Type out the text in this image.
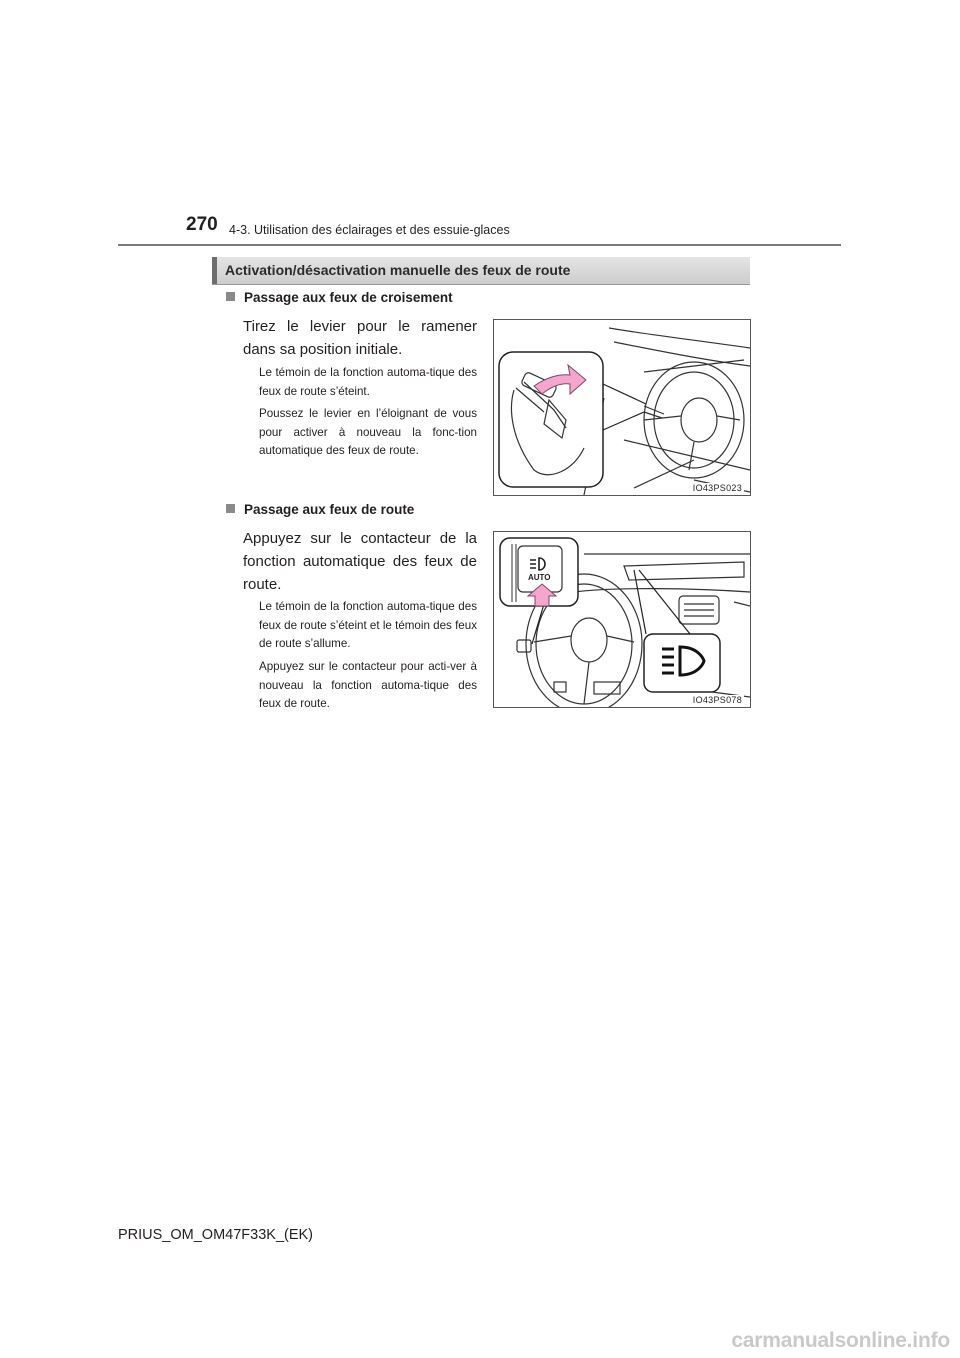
270 4-3. Utilisation des éclairages et des essuie-glaces
Activation/désactivation manuelle des feux de route
Passage aux feux de croisement
Tirez le levier pour le ramener dans sa position initiale.

Le témoin de la fonction automa-tique des feux de route s’éteint.

Poussez le levier en l’éloignant de vous pour activer à nouveau la fonc-tion automatique des feux de route.

IO43PS023
Passage aux feux de route
Appuyez sur le contacteur de la fonction automatique des feux de route.

Le témoin de la fonction automa-tique des feux de route s’éteint et le témoin des feux de route s’allume.

Appuyez sur le contacteur pour acti-ver à nouveau la fonction automa-tique des feux de route.

AUTO
IO43PS078
PRIUS_OM_OM47F33K_(EK)
carmanualsonline.info
